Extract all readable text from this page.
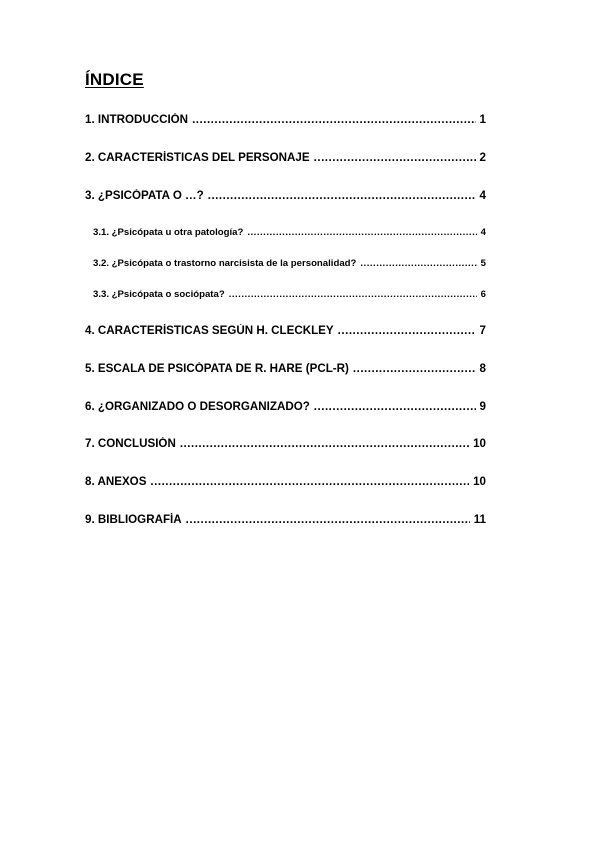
ÍNDICE
1. INTRODUCCIÓN .....	1
2. CARACTERÍSTICAS DEL PERSONAJE .....	2
3. ¿PSICÓPATA O …? .....	4
3.1. ¿Psicópata u otra patología? .....	4
3.2. ¿Psicópata o trastorno narcisista de la personalidad? .....	5
3.3. ¿Psicópata o sociópata? .....	6
4. CARACTERÍSTICAS SEGÚN H. CLECKLEY .....	7
5. ESCALA DE PSICÓPATA DE R. HARE (PCL-R) .....	8
6. ¿ORGANIZADO O DESORGANIZADO? .....	9
7. CONCLUSIÓN .....	10
8. ANEXOS .....	10
9. BIBLIOGRAFÍA .....	11
